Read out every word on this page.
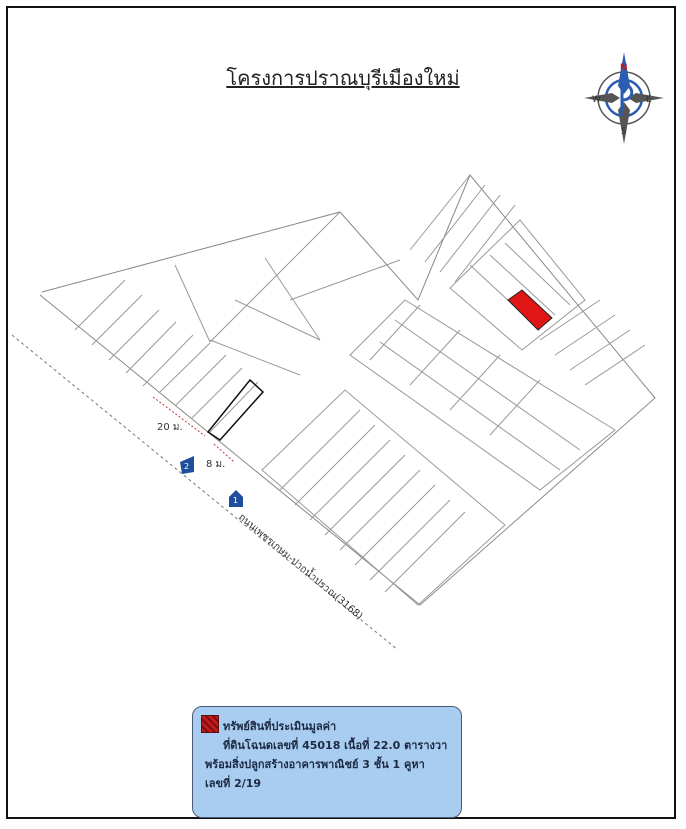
โครงการปราณบุรีเมืองใหม่
20 ม.
8 ม.
ถนนเพชรเกษม-ปากน้ำปราณ(3168)
2
1
N
S
E
W
ทรัพย์สินที่ประเมินมูลค่า
ที่ดินโฉนดเลขที่ 45018 เนื้อที่ 22.0 ตารางวา
พร้อมสิ่งปลูกสร้างอาคารพาณิชย์ 3 ชั้น 1 คูหา
เลขที่ 2/19
